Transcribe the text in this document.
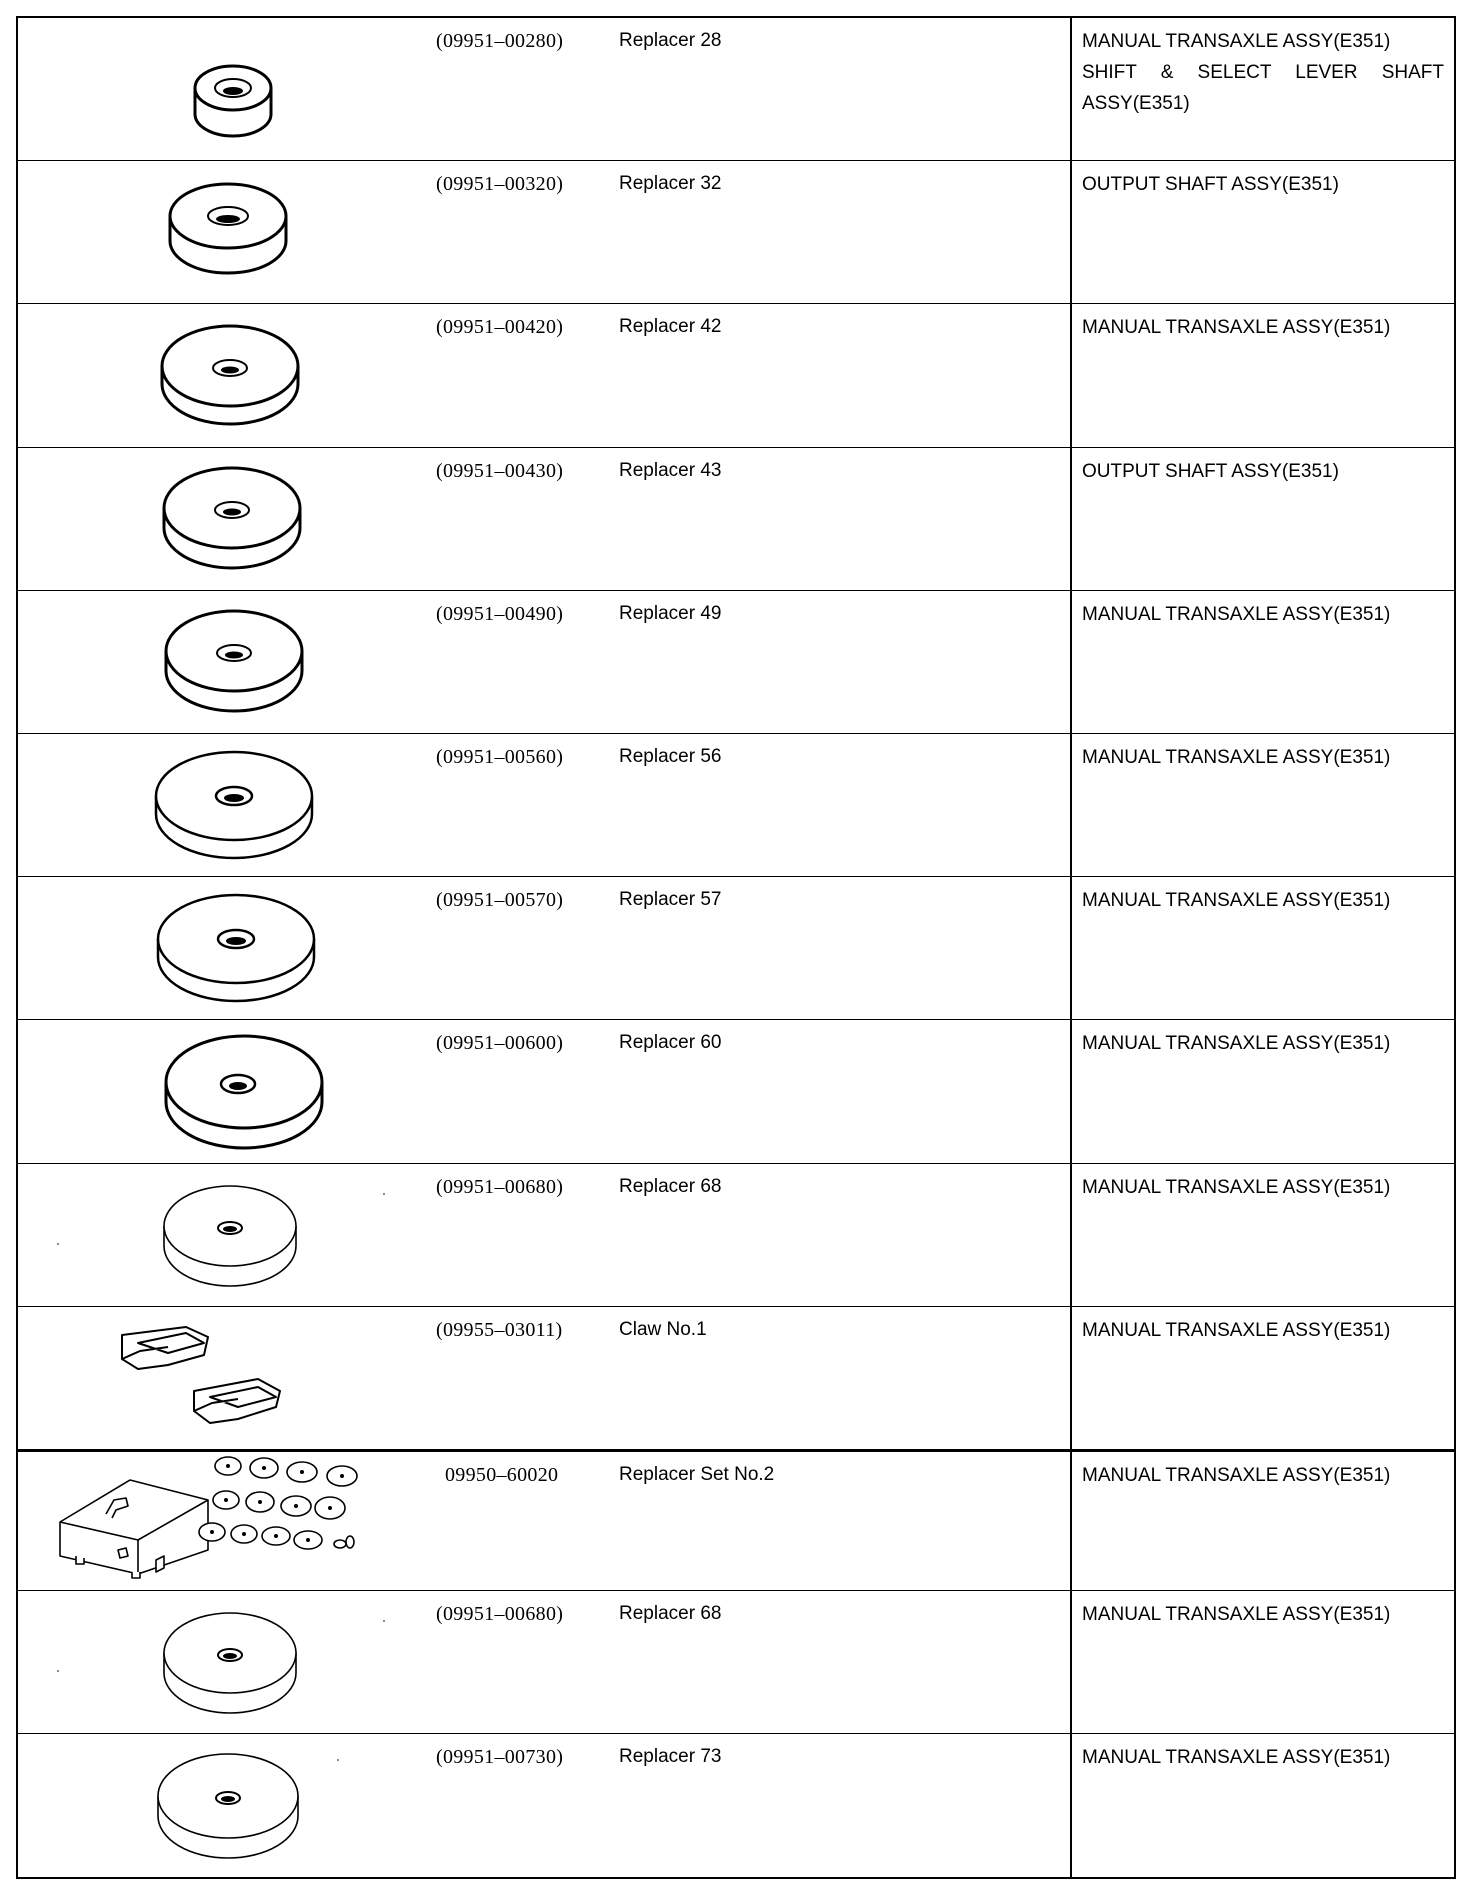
(09951–00280)	Replacer 28	MANUAL TRANSAXLE ASSY(E351)
SHIFT & SELECT LEVER SHAFT
ASSY(E351)
(09951–00320)	Replacer 32	OUTPUT SHAFT ASSY(E351)
(09951–00420)	Replacer 42	MANUAL TRANSAXLE ASSY(E351)
(09951–00430)	Replacer 43	OUTPUT SHAFT ASSY(E351)
(09951–00490)	Replacer 49	MANUAL TRANSAXLE ASSY(E351)
(09951–00560)	Replacer 56	MANUAL TRANSAXLE ASSY(E351)
(09951–00570)	Replacer 57	MANUAL TRANSAXLE ASSY(E351)
(09951–00600)	Replacer 60	MANUAL TRANSAXLE ASSY(E351)
(09951–00680)	Replacer 68	MANUAL TRANSAXLE ASSY(E351)
(09955–03011)	Claw No.1	MANUAL TRANSAXLE ASSY(E351)
09950–60020	Replacer Set No.2	MANUAL TRANSAXLE ASSY(E351)
(09951–00680)	Replacer 68	MANUAL TRANSAXLE ASSY(E351)
(09951–00730)	Replacer 73	MANUAL TRANSAXLE ASSY(E351)
